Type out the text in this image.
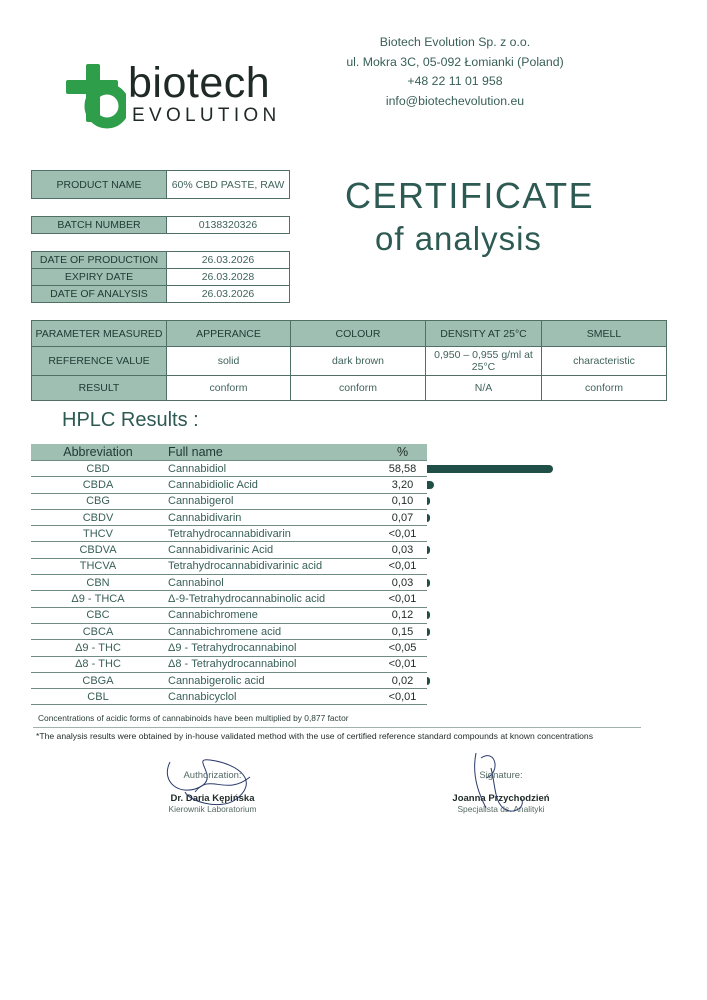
biotech
EVOLUTION
Biotech Evolution Sp. z o.o.
ul. Mokra 3C, 05-092 Łomianki (Poland)
+48 22 11 01 958
info@biotechevolution.eu
CERTIFICATE
of analysis
PRODUCT NAME	60% CBD PASTE, RAW
BATCH NUMBER	0138320326
DATE OF PRODUCTION	26.03.2026
EXPIRY DATE	26.03.2028
DATE OF ANALYSIS	26.03.2026
PARAMETER MEASURED	APPERANCE	COLOUR	DENSITY AT 25°C	SMELL
REFERENCE VALUE	solid	dark brown	0,950 – 0,955 g/ml at 25°C	characteristic
RESULT	conform	conform	N/A	conform
HPLC Results :
Abbreviation	Full name	%
CBD	Cannabidiol	58,58
CBDA	Cannabidiolic Acid	3,20
CBG	Cannabigerol	0,10
CBDV	Cannabidivarin	0,07
THCV	Tetrahydrocannabidivarin	<0,01
CBDVA	Cannabidivarinic Acid	0,03
THCVA	Tetrahydrocannabidivarinic acid	<0,01
CBN	Cannabinol	0,03
Δ9 - THCA	Δ-9-Tetrahydrocannabinolic acid	<0,01
CBC	Cannabichromene	0,12
CBCA	Cannabichromene acid	0,15
Δ9 - THC	Δ9 - Tetrahydrocannabinol	<0,05
Δ8 - THC	Δ8 - Tetrahydrocannabinol	<0,01
CBGA	Cannabigerolic acid	0,02
CBL	Cannabicyclol	<0,01
Concentrations of acidic forms of cannabinoids have been multiplied by 0,877 factor
*The analysis results were obtained by in-house validated method with the use of certified reference standard compounds at known concentrations
Authorization:
Dr. Daria Kępińska
Kierownik Laboratorium
Signature:
Joanna Przychodzień
Specjalista ds. Analityki
